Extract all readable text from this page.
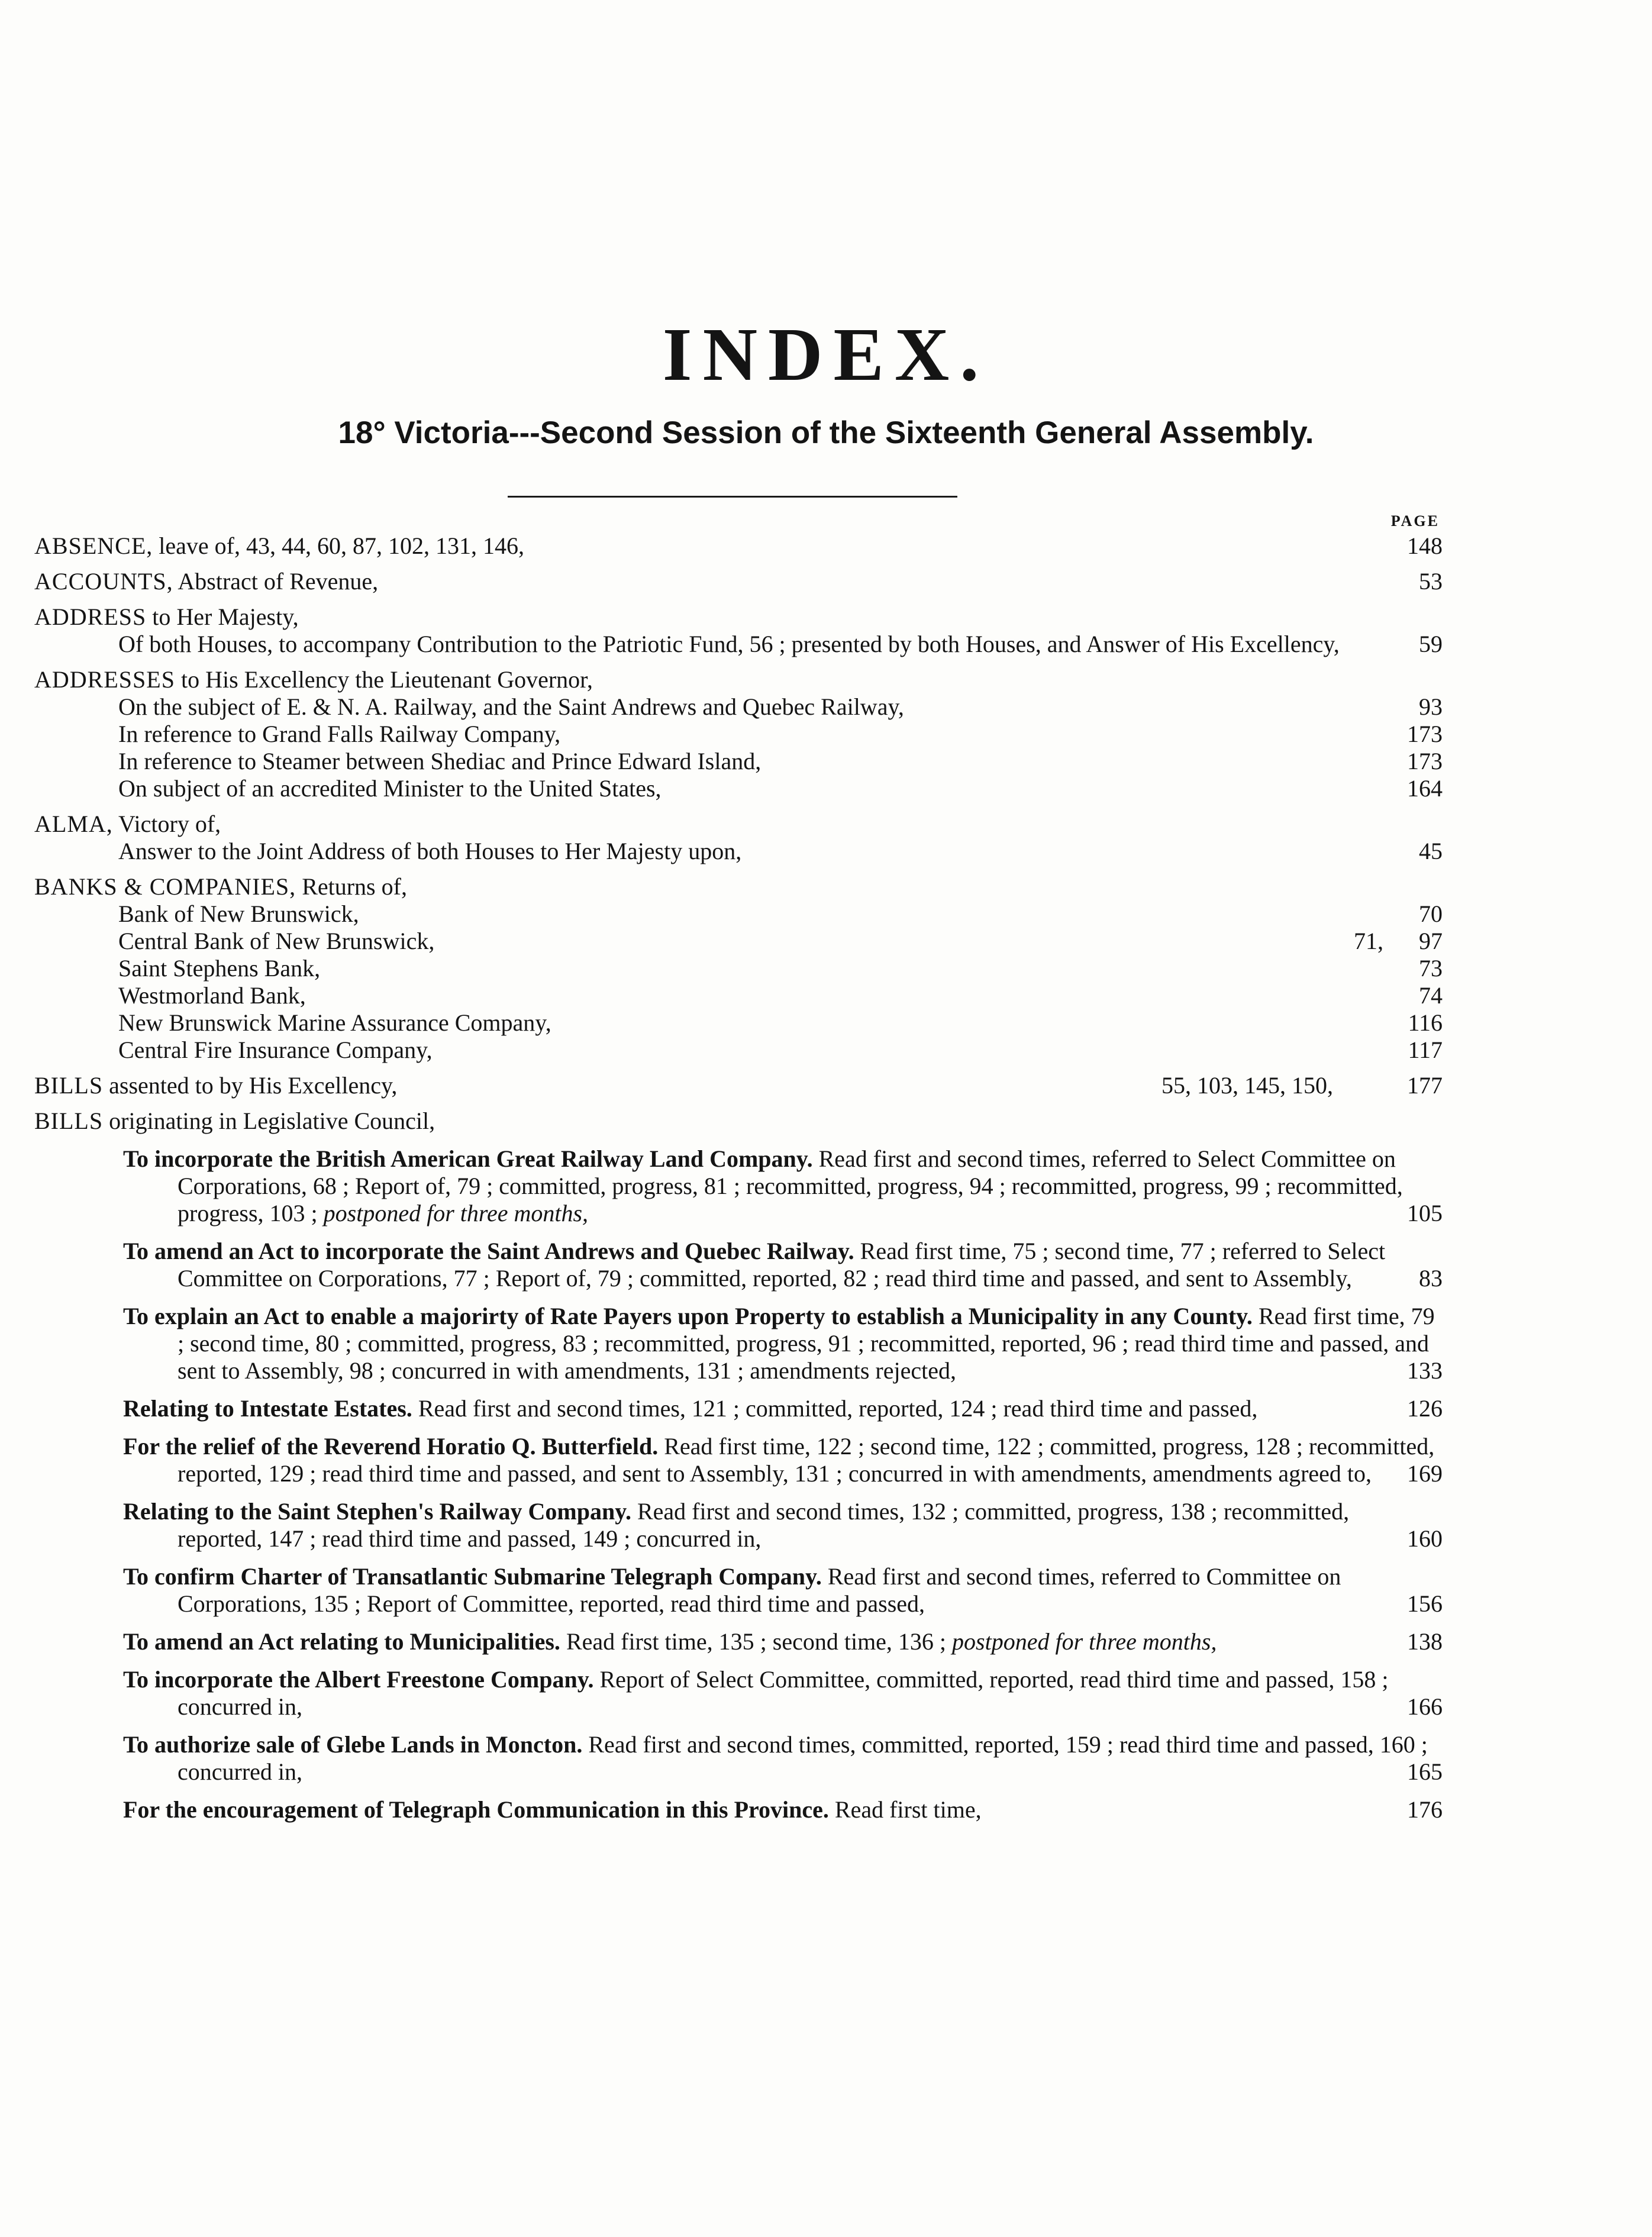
INDEX.
18° Victoria---Second Session of the Sixteenth General Assembly.
PAGE
ABSENCE, leave of, 43, 44, 60, 87, 102, 131, 146,	148
ACCOUNTS, Abstract of Revenue,	53
ADDRESS to Her Majesty,
Of both Houses, to accompany Contribution to the Patriotic Fund, 56 ; presented by both Houses, and Answer of His Excellency,	59
ADDRESSES to His Excellency the Lieutenant Governor,
On the subject of E. & N. A. Railway, and the Saint Andrews and Quebec Railway,	93
In reference to Grand Falls Railway Company,	173
In reference to Steamer between Shediac and Prince Edward Island,	173
On subject of an accredited Minister to the United States,	164
ALMA, Victory of,
Answer to the Joint Address of both Houses to Her Majesty upon,	45
BANKS & COMPANIES, Returns of,
Bank of New Brunswick,	70
Central Bank of New Brunswick,	71, 97
Saint Stephens Bank,	73
Westmorland Bank,	74
New Brunswick Marine Assurance Company,	116
Central Fire Insurance Company,	117
BILLS assented to by His Excellency,	55, 103, 145, 150,	177
BILLS originating in Legislative Council,
To incorporate the British American Great Railway Land Company. Read first and second times, referred to Select Committee on Corporations, 68 ; Report of, 79 ; committed, progress, 81 ; recommitted, progress, 94 ; recommitted, progress, 99 ; recommitted, progress, 103 ; postponed for three months,	105
To amend an Act to incorporate the Saint Andrews and Quebec Railway. Read first time, 75 ; second time, 77 ; referred to Select Committee on Corporations, 77 ; Report of, 79 ; committed, reported, 82 ; read third time and passed, and sent to Assembly,	83
To explain an Act to enable a majorirty of Rate Payers upon Property to establish a Municipality in any County. Read first time, 79 ; second time, 80 ; committed, progress, 83 ; recommitted, progress, 91 ; recommitted, reported, 96 ; read third time and passed, and sent to Assembly, 98 ; concurred in with amendments, 131 ; amendments rejected,	133
Relating to Intestate Estates. Read first and second times, 121 ; committed, reported, 124 ; read third time and passed,	126
For the relief of the Reverend Horatio Q. Butterfield. Read first time, 122 ; second time, 122 ; committed, progress, 128 ; recommitted, reported, 129 ; read third time and passed, and sent to Assembly, 131 ; concurred in with amendments, amendments agreed to,	169
Relating to the Saint Stephen's Railway Company. Read first and second times, 132 ; committed, progress, 138 ; recommitted, reported, 147 ; read third time and passed, 149 ; concurred in,	160
To confirm Charter of Transatlantic Submarine Telegraph Company. Read first and second times, referred to Committee on Corporations, 135 ; Report of Committee, reported, read third time and passed,	156
To amend an Act relating to Municipalities. Read first time, 135 ; second time, 136 ; postponed for three months,	138
To incorporate the Albert Freestone Company. Report of Select Committee, committed, reported, read third time and passed, 158 ; concurred in,	166
To authorize sale of Glebe Lands in Moncton. Read first and second times, committed, reported, 159 ; read third time and passed, 160 ; concurred in,	165
For the encouragement of Telegraph Communication in this Province. Read first time,	176
